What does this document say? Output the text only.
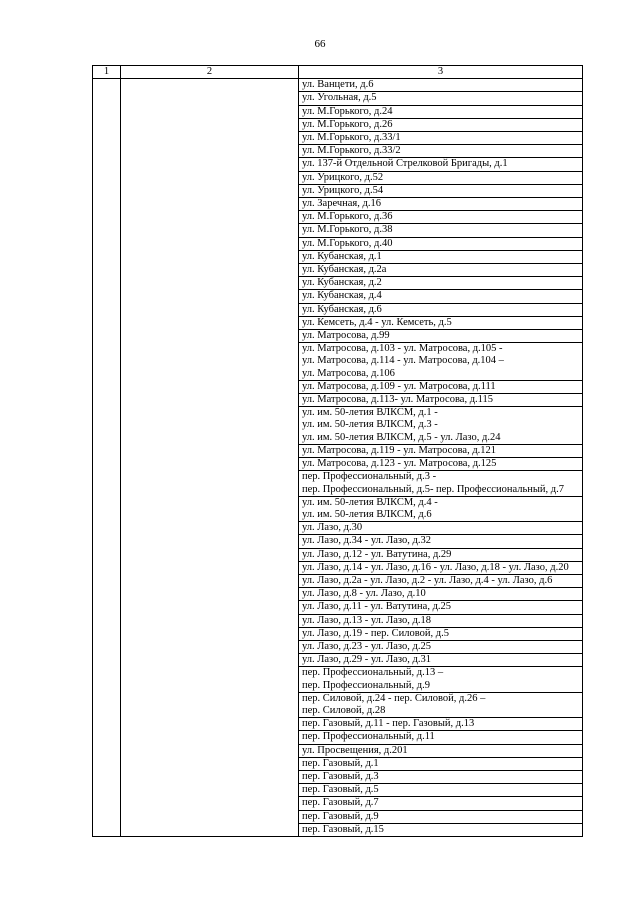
66
1	2	3

		ул. Ванцети, д.6

		ул. Угольная, д.5

		ул. М.Горького, д.24

		ул. М.Горького, д.26

		ул. М.Горького, д.33/1

		ул. М.Горького, д.33/2

		ул. 137-й Отдельной Стрелковой Бригады, д.1

		ул. Урицкого, д.52

		ул. Урицкого, д.54

		ул. Заречная, д.16

		ул. М.Горького, д.36

		ул. М.Горького, д.38

		ул. М.Горького, д.40

		ул. Кубанская, д.1

		ул. Кубанская, д.2а

		ул. Кубанская, д.2

		ул. Кубанская, д.4

		ул. Кубанская, д.6

		ул. Кемсеть, д.4 - ул. Кемсеть, д.5

		ул. Матросова, д.99

		ул. Матросова, д.103 - ул. Матросова, д.105 -
ул. Матросова, д.114 - ул. Матросова, д.104 –
ул. Матросова, д.106

		ул. Матросова, д.109 - ул. Матросова, д.111

		ул. Матросова, д.113- ул. Матросова, д.115

		ул. им. 50-летия ВЛКСМ, д.1 -
ул. им. 50-летия ВЛКСМ, д.3 -
ул. им. 50-летия ВЛКСМ, д.5 - ул. Лазо, д.24

		ул. Матросова, д.119 - ул. Матросова, д.121

		ул. Матросова, д.123 - ул. Матросова, д.125

		пер. Профессиональный, д.3 -
пер. Профессиональный, д.5- пер. Профессиональный, д.7

		ул. им. 50-летия ВЛКСМ, д.4 -
ул. им. 50-летия ВЛКСМ, д.6

		ул. Лазо, д.30

		ул. Лазо, д.34 - ул. Лазо, д.32

		ул. Лазо, д.12 - ул. Ватутина, д.29

		ул. Лазо, д.14 - ул. Лазо, д.16 - ул. Лазо, д.18 - ул. Лазо, д.20

		ул. Лазо, д.2а - ул. Лазо, д.2 - ул. Лазо, д.4 - ул. Лазо, д.6

		ул. Лазо, д.8 - ул. Лазо, д.10

		ул. Лазо, д.11 - ул. Ватутина, д.25

		ул. Лазо, д.13 - ул. Лазо, д.18

		ул. Лазо, д.19 - пер. Силовой, д.5

		ул. Лазо, д.23 - ул. Лазо, д.25

		ул. Лазо, д.29 - ул. Лазо, д.31

		пер. Профессиональный, д.13 –
пер. Профессиональный, д.9

		пер. Силовой, д.24 - пер. Силовой, д.26 –
пер. Силовой, д.28

		пер. Газовый, д.11 - пер. Газовый, д.13

		пер. Профессиональный, д.11

		ул. Просвещения, д.201

		пер. Газовый, д.1

		пер. Газовый, д.3

		пер. Газовый, д.5

		пер. Газовый, д.7

		пер. Газовый, д.9

		пер. Газовый, д.15
